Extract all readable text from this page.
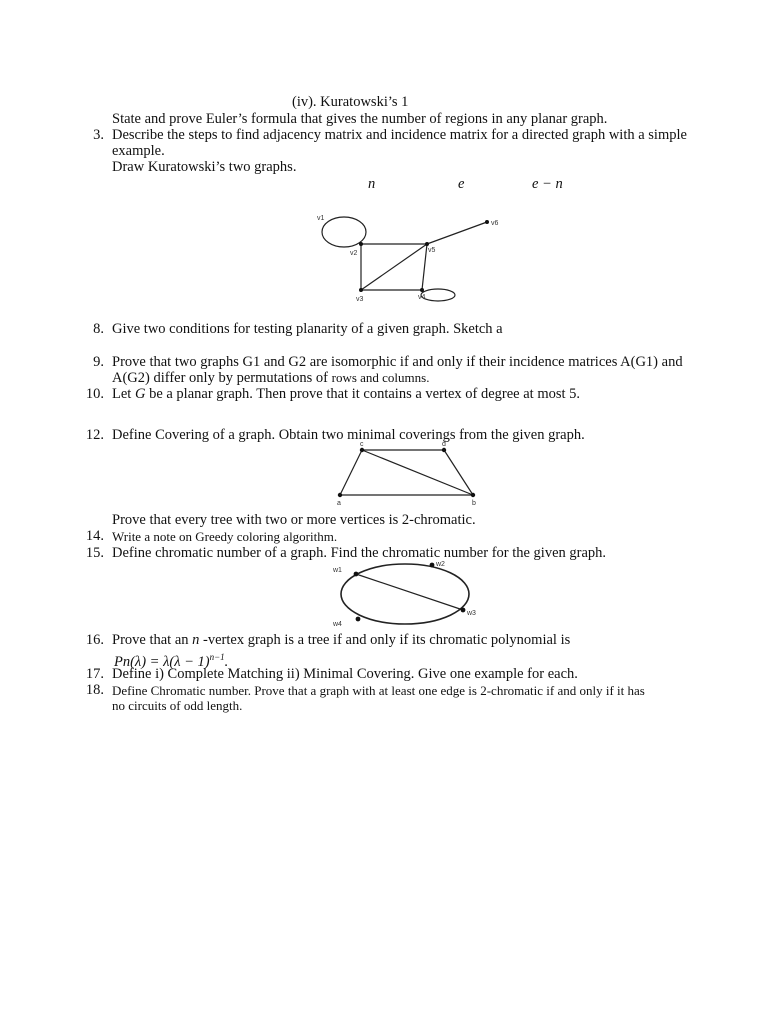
(iv). Kuratowski’s 1
State and prove Euler’s formula that gives the number of regions in any planar graph.
3. Describe the steps to find adjacency matrix and incidence matrix for a directed graph with a simple
example.
Draw Kuratowski’s two graphs.
n	e	e − n
v1
v2
v3	v4
v5
v6
8. Give two conditions for testing planarity of a given graph. Sketch a
9. Prove that two graphs G1 and G2 are isomorphic if and only if their incidence matrices A(G1) and
A(G2) differ only by permutations of rows and columns.
10. Let G be a planar graph. Then prove that it contains a vertex of degree at most 5.
12. Define Covering of a graph. Obtain two minimal coverings from the given graph.
c	d
a	b
Prove that every tree with two or more vertices is 2-chromatic.
14. Write a note on Greedy coloring algorithm.
15. Define chromatic number of a graph. Find the chromatic number for the given graph.
w1
w2
w3
w4
16. Prove that an n -vertex graph is a tree if and only if its chromatic polynomial is
$Pn(\lambda) = \lambda(\lambda - 1)^{n-1}$.
17. Define i) Complete Matching ii) Minimal Covering. Give one example for each.
18. Define Chromatic number. Prove that a graph with at least one edge is 2-chromatic if and only if it has
no circuits of odd length.
